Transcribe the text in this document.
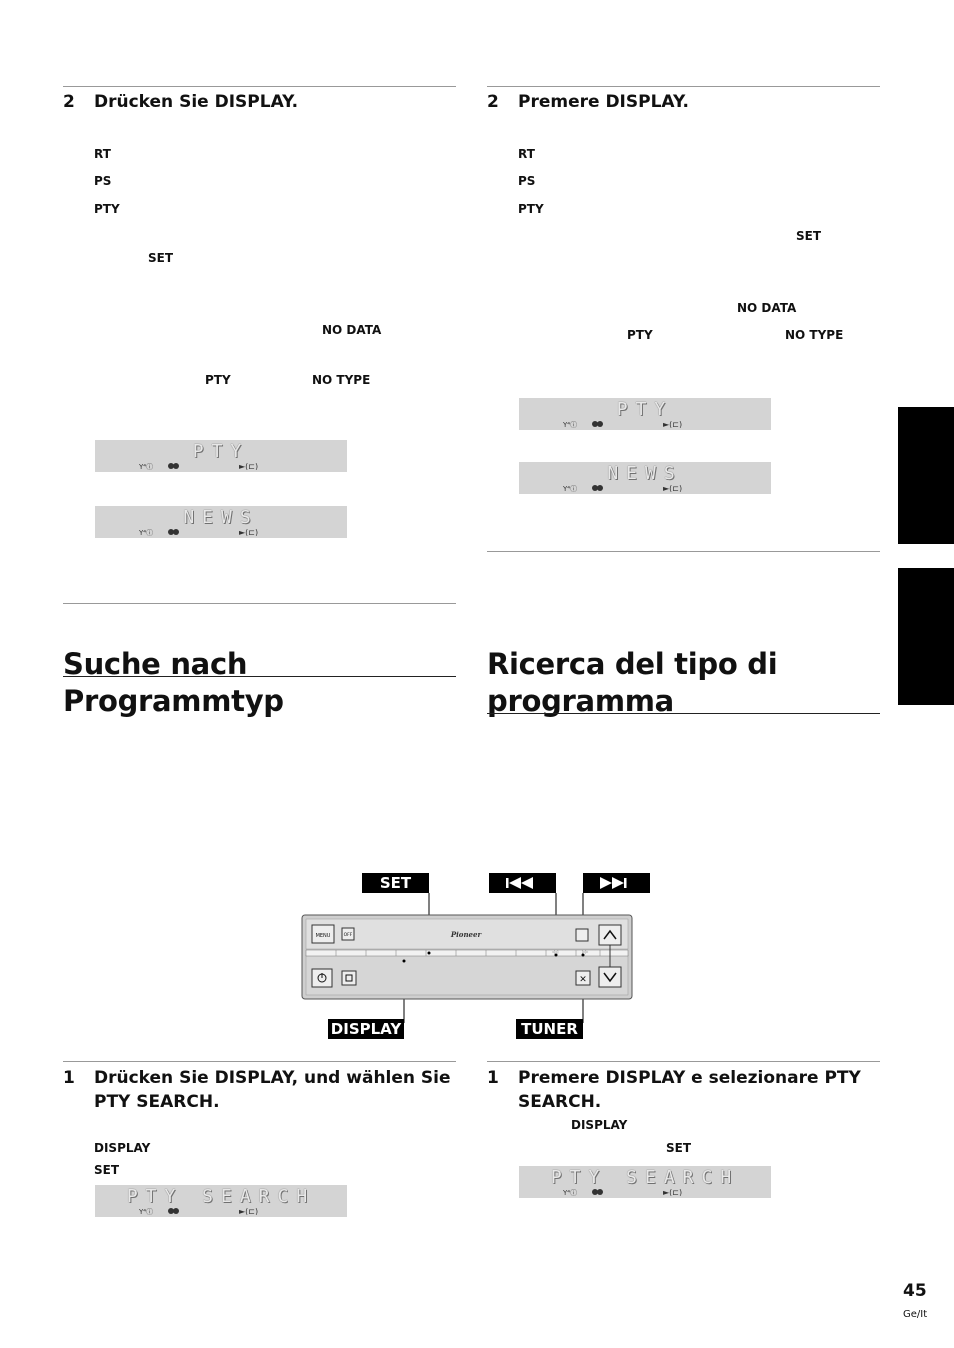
2 Drücken Sie DISPLAY.
RT
PS
PTY
SET
NO DATA
PTY	NO TYPE
PTY
Y⁴ⓘ	►(⊏)
NEWS
Y⁴ⓘ	►(⊏)
Suche nach Programmtyp
1 Drücken Sie DISPLAY, und wählen Sie
PTY SEARCH.
DISPLAY
SET
PTY SEARCH
Y⁴ⓘ	►(⊏)
2 Premere DISPLAY.
RT
PS
PTY
SET
NO DATA
PTY	NO TYPE
PTY
Y⁴ⓘ	►(⊏)
NEWS
Y⁴ⓘ	►(⊏)
Ricerca del tipo di
programma
1 Premere DISPLAY e selezionare PTY
SEARCH.
DISPLAY
SET
PTY SEARCH
Y⁴ⓘ	►(⊏)
SET
MENU	OFF	Pioneer
✕
◁◁	▷▷
DISPLAY	TUNER
45
Ge/It
